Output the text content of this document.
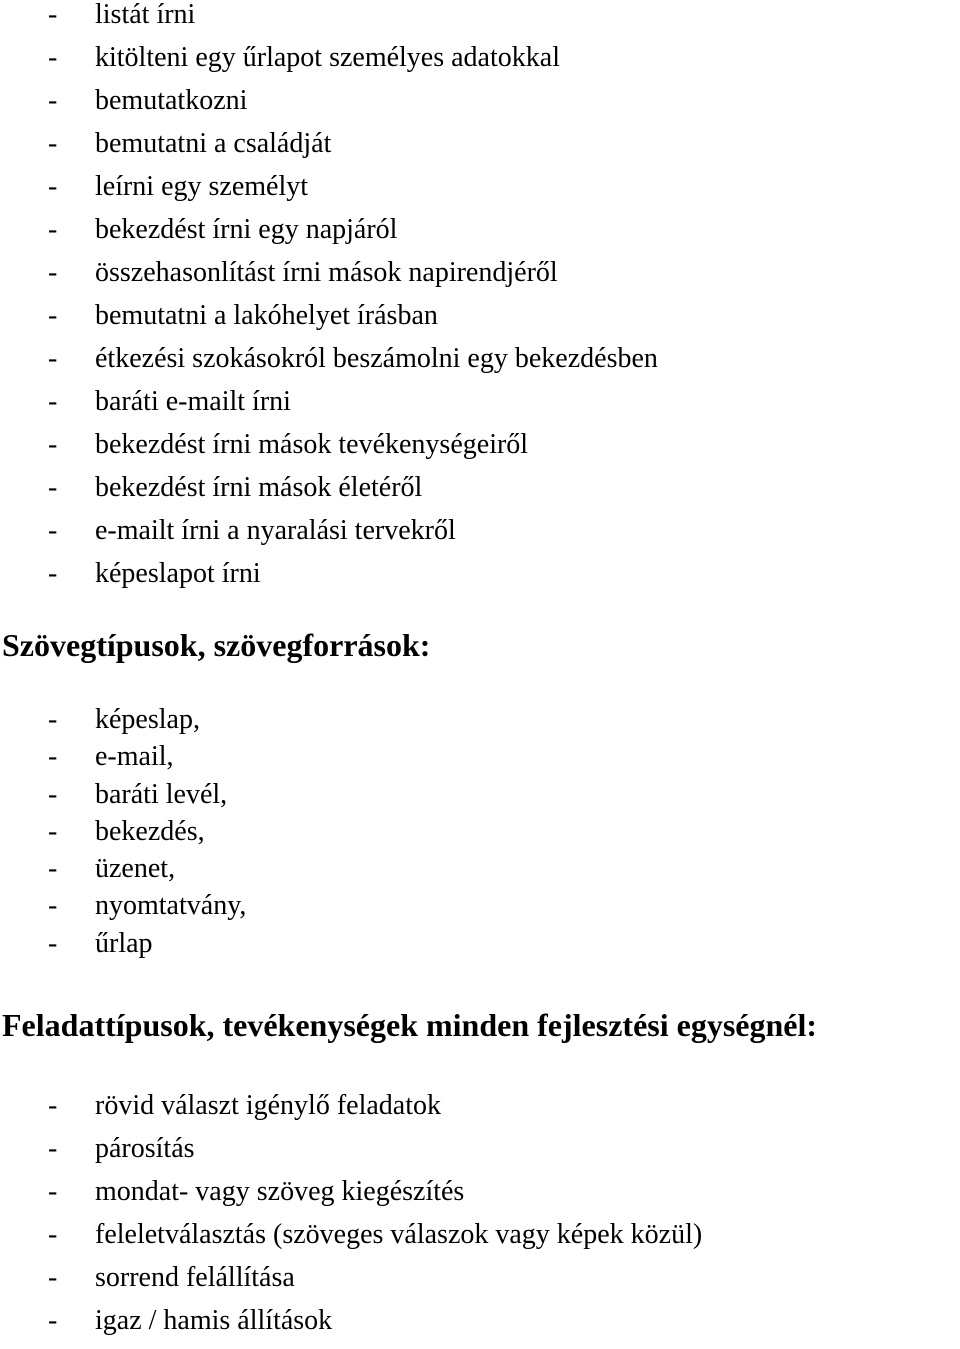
- listát írni
- kitölteni egy űrlapot személyes adatokkal
- bemutatkozni
- bemutatni a családját
- leírni egy személyt
- bekezdést írni egy napjáról
- összehasonlítást írni mások napirendjéről
- bemutatni a lakóhelyet írásban
- étkezési szokásokról beszámolni egy bekezdésben
- baráti e-mailt írni
- bekezdést írni mások tevékenységeiről
- bekezdést írni mások életéről
- e-mailt írni a nyaralási tervekről
- képeslapot írni
Szövegtípusok, szövegforrások:
- képeslap,
- e-mail,
- baráti levél,
- bekezdés,
- üzenet,
- nyomtatvány,
- űrlap
Feladattípusok, tevékenységek minden fejlesztési egységnél:
- rövid választ igénylő feladatok
- párosítás
- mondat- vagy szöveg kiegészítés
- feleletválasztás (szöveges válaszok vagy képek közül)
- sorrend felállítása
- igaz / hamis állítások
